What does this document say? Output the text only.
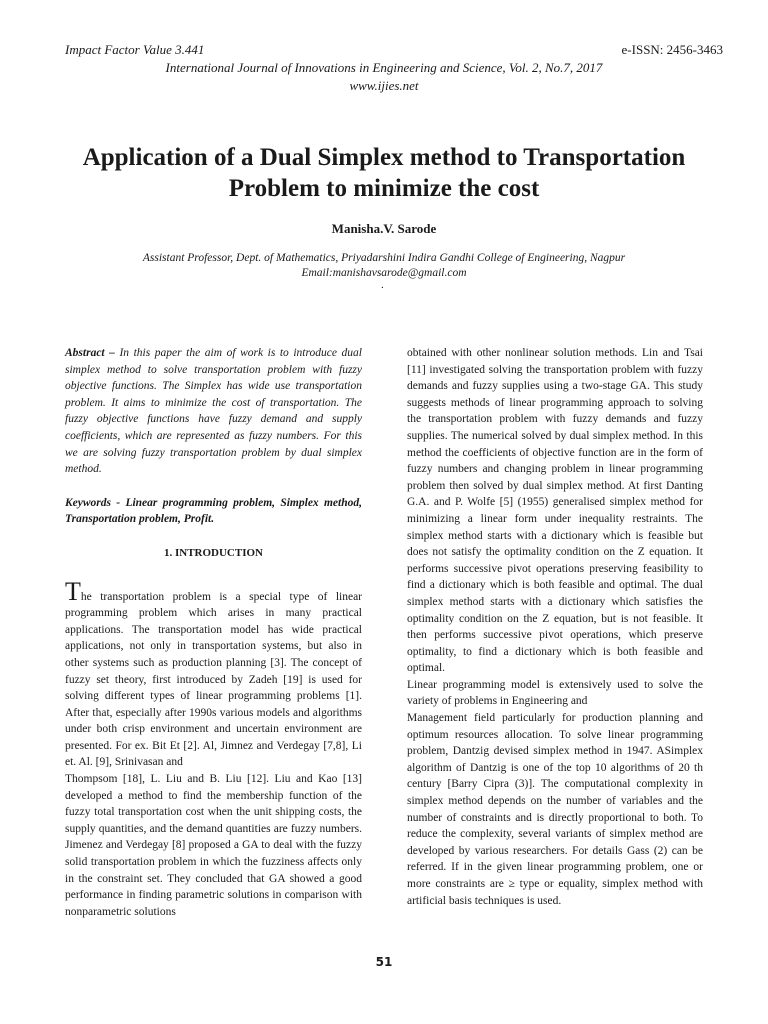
Impact Factor Value 3.441	e-ISSN: 2456-3463
International Journal of Innovations in Engineering and Science, Vol. 2, No.7, 2017
www.ijies.net
Application of a Dual Simplex method to Transportation Problem to minimize the cost
Manisha.V. Sarode
Assistant Professor, Dept. of Mathematics, Priyadarshini Indira Gandhi College of Engineering, Nagpur
Email:manishavsarode@gmail.com
.

Abstract – In this paper the aim of work is to introduce dual simplex method to solve transportation problem with fuzzy objective functions. The Simplex has wide use transportation problem. It aims to minimize the cost of transportation. The fuzzy objective functions have fuzzy demand and supply coefficients, which are represented as fuzzy numbers. For this we are solving fuzzy transportation problem by dual simplex method.

Keywords - Linear programming problem, Simplex method, Transportation problem, Profit.

1. INTRODUCTION

The transportation problem is a special type of linear programming problem which arises in many practical applications. The transportation model has wide practical applications, not only in transportation systems, but also in other systems such as production planning [3]. The concept of fuzzy set theory, first introduced by Zadeh [19] is used for solving different types of linear programming problems [1]. After that, especially after 1990s various models and algorithms under both crisp environment and uncertain environment are presented. For ex. Bit Et [2]. Al, Jimnez and Verdegay [7,8], Li et. Al. [9], Srinivasan and

Thompsom [18], L. Liu and B. Liu [12]. Liu and Kao [13] developed a method to find the membership function of the fuzzy total transportation cost when the unit shipping costs, the supply quantities, and the demand quantities are fuzzy numbers. Jimenez and Verdegay [8] proposed a GA to deal with the fuzzy solid transportation problem in which the fuzziness affects only in the constraint set. They concluded that GA showed a good performance in finding parametric solutions in comparison with nonparametric solutions

obtained with other nonlinear solution methods. Lin and Tsai [11] investigated solving the transportation problem with fuzzy demands and fuzzy supplies using a two-stage GA. This study suggests methods of linear programming approach to solving the transportation problem with fuzzy demands and fuzzy supplies. The numerical solved by dual simplex method. In this method the coefficients of objective function are in the form of fuzzy numbers and changing problem in linear programming problem then solved by dual simplex method. At first Danting G.A. and P. Wolfe [5] (1955) generalised simplex method for minimizing a linear form under inequality restraints. The simplex method starts with a dictionary which is feasible but does not satisfy the optimality condition on the Z equation. It performs successive pivot operations preserving feasibility to find a dictionary which is both feasible and optimal. The dual simplex method starts with a dictionary which satisfies the optimality condition on the Z equation, but is not feasible. It then performs successive pivot operations, which preserve optimality, to find a dictionary which is both feasible and optimal.

Linear programming model is extensively used to solve the variety of problems in Engineering and

Management field particularly for production planning and optimum resources allocation. To solve linear programming problem, Dantzig devised simplex method in 1947. ASimplex algorithm of Dantzig is one of the top 10 algorithms of 20 th century [Barry Cipra (3)]. The computational complexity in simplex method depends on the number of variables and the number of constraints and is directly proportional to both. To reduce the complexity, several variants of simplex method are developed by various researchers. For details Gass (2) can be referred. If in the given linear programming problem, one or more constraints are ≥ type or equality, simplex method with artificial basis techniques is used.

51
